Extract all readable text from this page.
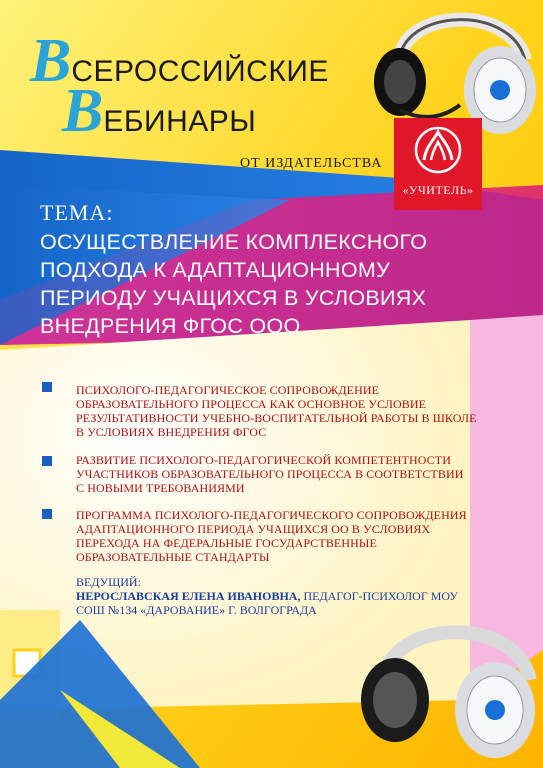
ВСЕРОССИЙСКИЕ
ВЕБИНАРЫ
ОТ ИЗДАТЕЛЬСТВА
«УЧИТЕЛЬ»
ТЕМА:
ОСУЩЕСТВЛЕНИЕ КОМПЛЕКСНОГО
ПОДХОДА К АДАПТАЦИОННОМУ
ПЕРИОДУ УЧАЩИХСЯ В УСЛОВИЯХ
ВНЕДРЕНИЯ ФГОС ООО
ПСИХОЛОГО-ПЕДАГОГИЧЕСКОЕ СОПРОВОЖДЕНИЕ
ОБРАЗОВАТЕЛЬНОГО ПРОЦЕССА КАК ОСНОВНОЕ УСЛОВИЕ
РЕЗУЛЬТАТИВНОСТИ УЧЕБНО-ВОСПИТАТЕЛЬНОЙ РАБОТЫ В ШКОЛЕ
В УСЛОВИЯХ ВНЕДРЕНИЯ ФГОС
РАЗВИТИЕ ПСИХОЛОГО-ПЕДАГОГИЧЕСКОЙ КОМПЕТЕНТНОСТИ
УЧАСТНИКОВ ОБРАЗОВАТЕЛЬНОГО ПРОЦЕССА В СООТВЕТСТВИИ
С НОВЫМИ ТРЕБОВАНИЯМИ
ПРОГРАММА ПСИХОЛОГО-ПЕДАГОГИЧЕСКОГО СОПРОВОЖДЕНИЯ
АДАПТАЦИОННОГО ПЕРИОДА УЧАЩИХСЯ ОО В УСЛОВИЯХ
ПЕРЕХОДА НА ФЕДЕРАЛЬНЫЕ ГОСУДАРСТВЕННЫЕ
ОБРАЗОВАТЕЛЬНЫЕ СТАНДАРТЫ
ВЕДУЩИЙ:
НЕРОСЛАВСКАЯ ЕЛЕНА ИВАНОВНА, ПЕДАГОГ-ПСИХОЛОГ МОУ
СОШ №134 «ДАРОВАНИЕ» Г. ВОЛГОГРАДА
